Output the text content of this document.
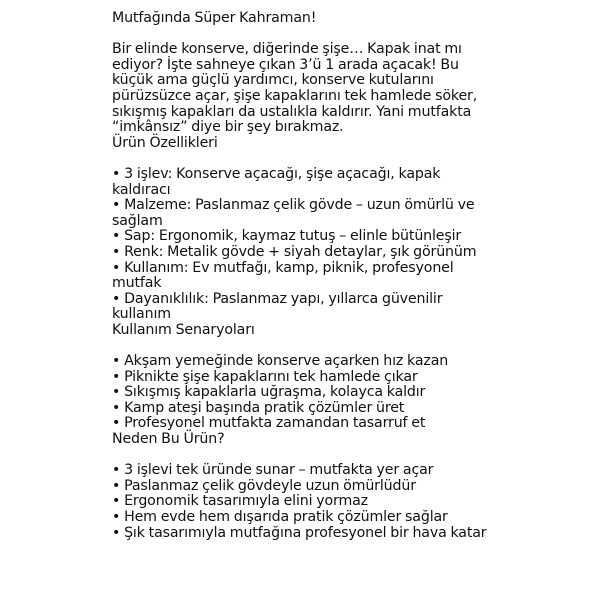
Mutfağında Süper Kahraman!

Bir elinde konserve, diğerinde şişe… Kapak inat mı ediyor? İşte sahneye çıkan 3’ü 1 arada açacak! Bu küçük ama güçlü yardımcı, konserve kutularını pürüzsüzce açar, şişe kapaklarını tek hamlede söker, sıkışmış kapakları da ustalıkla kaldırır. Yani mutfakta “imkânsız” diye bir şey bırakmaz.

Ürün Özellikleri

• 3 işlev: Konserve açacağı, şişe açacağı, kapak kaldıracı

• Malzeme: Paslanmaz çelik gövde – uzun ömürlü ve sağlam

• Sap: Ergonomik, kaymaz tutuş – elinle bütünleşir

• Renk: Metalik gövde + siyah detaylar, şık görünüm

• Kullanım: Ev mutfağı, kamp, piknik, profesyonel mutfak

• Dayanıklılık: Paslanmaz yapı, yıllarca güvenilir kullanım

Kullanım Senaryoları

• Akşam yemeğinde konserve açarken hız kazan

• Piknikte şişe kapaklarını tek hamlede çıkar

• Sıkışmış kapaklarla uğraşma, kolayca kaldır

• Kamp ateşi başında pratik çözümler üret

• Profesyonel mutfakta zamandan tasarruf et

Neden Bu Ürün?

• 3 işlevi tek üründe sunar – mutfakta yer açar

• Paslanmaz çelik gövdeyle uzun ömürlüdür

• Ergonomik tasarımıyla elini yormaz

• Hem evde hem dışarıda pratik çözümler sağlar

• Şık tasarımıyla mutfağına profesyonel bir hava katar
